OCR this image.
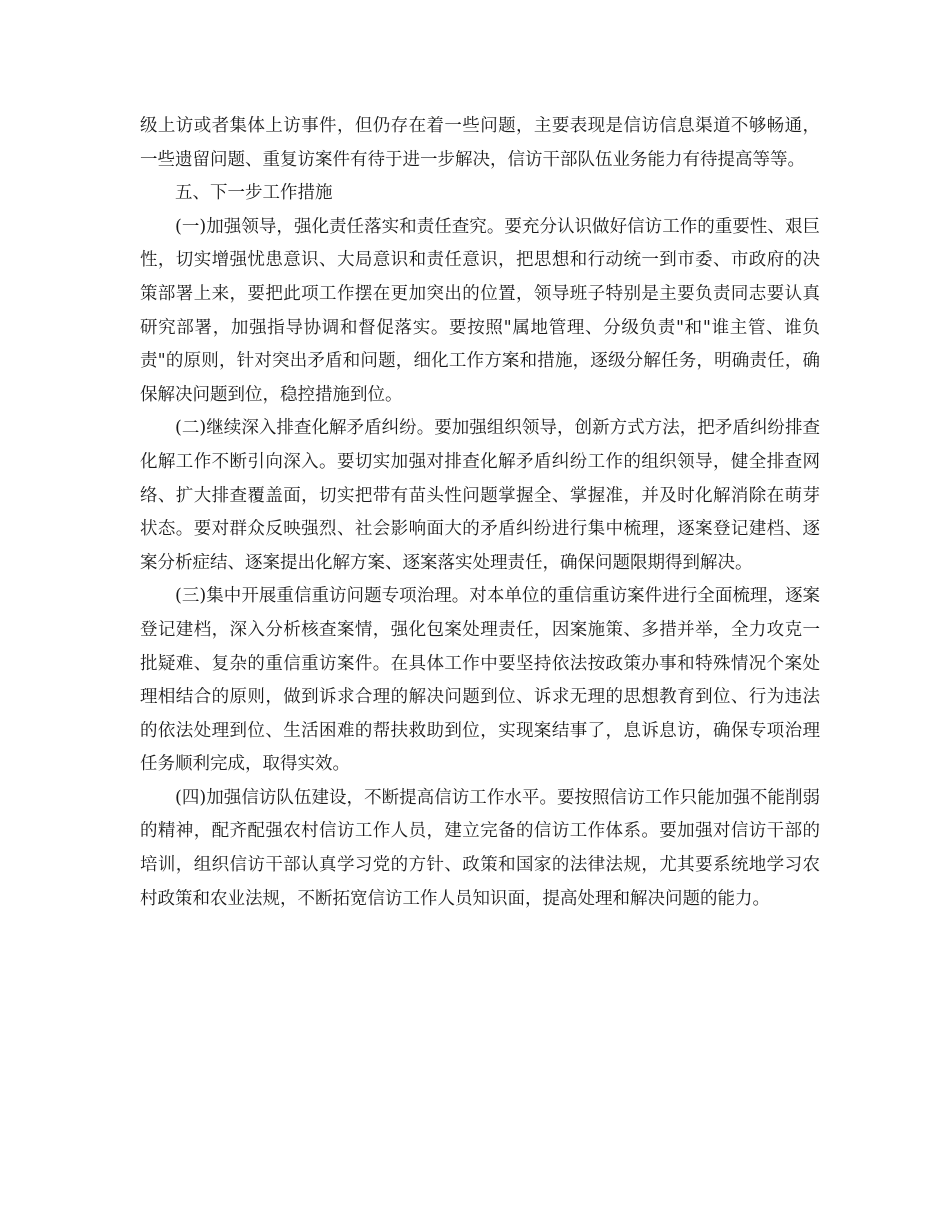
级上访或者集体上访事件，但仍存在着一些问题，主要表现是信访信息渠道不够畅通，一些遗留问题、重复访案件有待于进一步解决，信访干部队伍业务能力有待提高等等。

五、下一步工作措施

(一)加强领导，强化责任落实和责任查究。要充分认识做好信访工作的重要性、艰巨性，切实增强忧患意识、大局意识和责任意识，把思想和行动统一到市委、市政府的决策部署上来，要把此项工作摆在更加突出的位置，领导班子特别是主要负责同志要认真研究部署，加强指导协调和督促落实。要按照"属地管理、分级负责"和"谁主管、谁负责"的原则，针对突出矛盾和问题，细化工作方案和措施，逐级分解任务，明确责任，确保解决问题到位，稳控措施到位。

(二)继续深入排查化解矛盾纠纷。要加强组织领导，创新方式方法，把矛盾纠纷排查化解工作不断引向深入。要切实加强对排查化解矛盾纠纷工作的组织领导，健全排查网络、扩大排查覆盖面，切实把带有苗头性问题掌握全、掌握准，并及时化解消除在萌芽状态。要对群众反映强烈、社会影响面大的矛盾纠纷进行集中梳理，逐案登记建档、逐案分析症结、逐案提出化解方案、逐案落实处理责任，确保问题限期得到解决。

(三)集中开展重信重访问题专项治理。对本单位的重信重访案件进行全面梳理，逐案登记建档，深入分析核查案情，强化包案处理责任，因案施策、多措并举，全力攻克一批疑难、复杂的重信重访案件。在具体工作中要坚持依法按政策办事和特殊情况个案处理相结合的原则，做到诉求合理的解决问题到位、诉求无理的思想教育到位、行为违法的依法处理到位、生活困难的帮扶救助到位，实现案结事了，息诉息访，确保专项治理任务顺利完成，取得实效。

(四)加强信访队伍建设，不断提高信访工作水平。要按照信访工作只能加强不能削弱的精神，配齐配强农村信访工作人员，建立完备的信访工作体系。要加强对信访干部的培训，组织信访干部认真学习党的方针、政策和国家的法律法规，尤其要系统地学习农村政策和农业法规，不断拓宽信访工作人员知识面，提高处理和解决问题的能力。
